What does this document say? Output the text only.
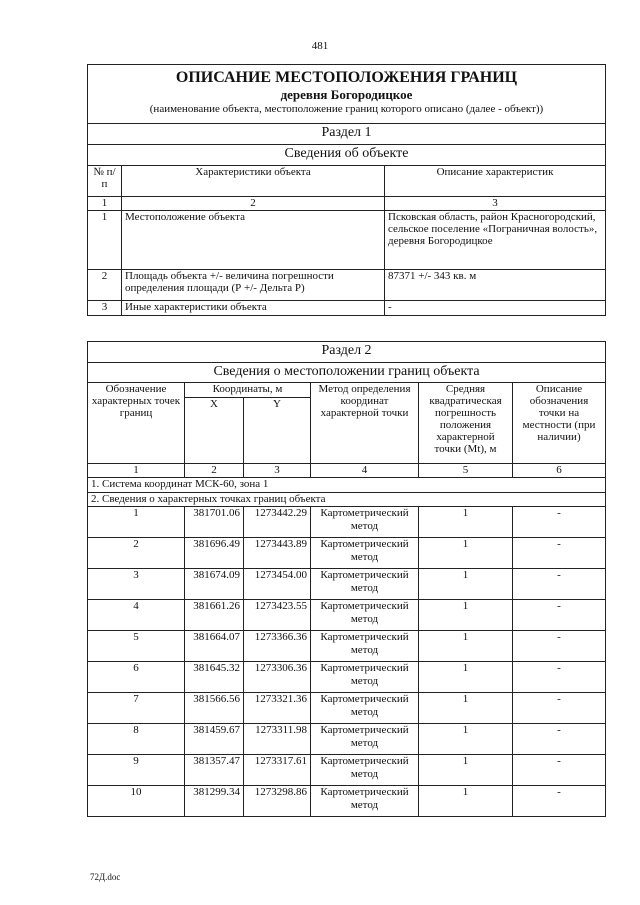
481
ОПИСАНИЕ МЕСТОПОЛОЖЕНИЯ ГРАНИЦ
деревня Богородицкое
(наименование объекта, местоположение границ которого описано (далее - объект))		

Раздел 1		
Сведения об объекте		
№ п/п	Характеристики объекта	Описание характеристик
1	2	3
1	Местоположение объекта	Псковская область, район Красногородский, сельское поселение «Пограничная волость», деревня Богородицкое
2	Площадь объекта +/- величина погрешности определения площади (Р +/- Дельта Р)	87371 +/- 343 кв. м
3	Иные характеристики объекта	-
Раздел 2					
Сведения о местоположении границ объекта					
Обозначение характерных точек границ	Координаты, м		Метод определения координат характерной точки	Средняя квадратическая погрешность положения характерной точки (Mt), м	Описание обозначения точки на местности (при наличии)
	X	Y			
1	2	3	4	5	6
1. Система координат МСК-60, зона 1					
2. Сведения о характерных точках границ объекта					
1	381701.06	1273442.29	Картометрический метод	1	-
2	381696.49	1273443.89	Картометрический метод	1	-
3	381674.09	1273454.00	Картометрический метод	1	-
4	381661.26	1273423.55	Картометрический метод	1	-
5	381664.07	1273366.36	Картометрический метод	1	-
6	381645.32	1273306.36	Картометрический метод	1	-
7	381566.56	1273321.36	Картометрический метод	1	-
8	381459.67	1273311.98	Картометрический метод	1	-
9	381357.47	1273317.61	Картометрический метод	1	-
10	381299.34	1273298.86	Картометрический метод	1	-
72Д.doc
